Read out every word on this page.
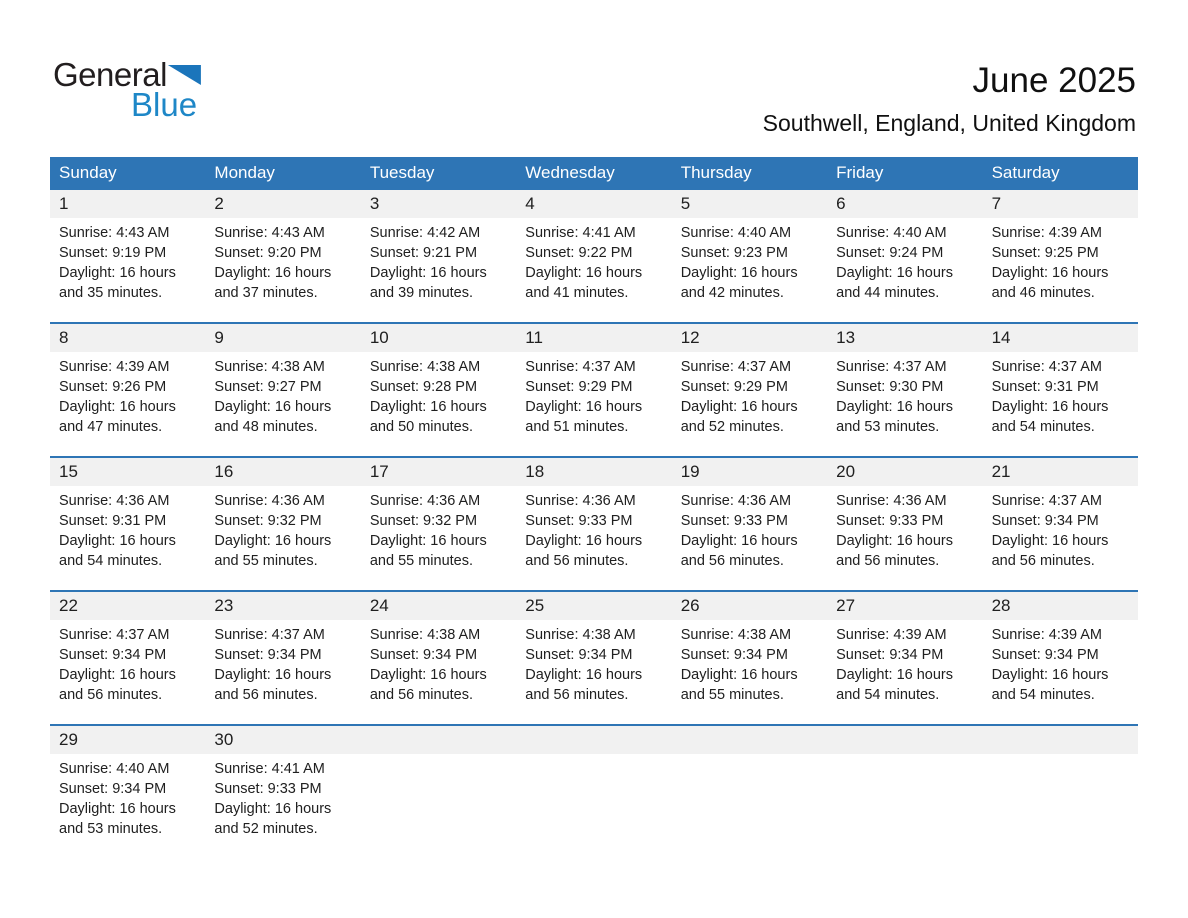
General
Blue
June 2025
Southwell, England, United Kingdom
Sunday	Monday	Tuesday	Wednesday	Thursday	Friday	Saturday
1	2	3	4	5	6	7
Sunrise: 4:43 AM
Sunset: 9:19 PM
Daylight: 16 hours
and 35 minutes.
Sunrise: 4:43 AM
Sunset: 9:20 PM
Daylight: 16 hours
and 37 minutes.
Sunrise: 4:42 AM
Sunset: 9:21 PM
Daylight: 16 hours
and 39 minutes.
Sunrise: 4:41 AM
Sunset: 9:22 PM
Daylight: 16 hours
and 41 minutes.
Sunrise: 4:40 AM
Sunset: 9:23 PM
Daylight: 16 hours
and 42 minutes.
Sunrise: 4:40 AM
Sunset: 9:24 PM
Daylight: 16 hours
and 44 minutes.
Sunrise: 4:39 AM
Sunset: 9:25 PM
Daylight: 16 hours
and 46 minutes.
8	9	10	11	12	13	14
Sunrise: 4:39 AM
Sunset: 9:26 PM
Daylight: 16 hours
and 47 minutes.
Sunrise: 4:38 AM
Sunset: 9:27 PM
Daylight: 16 hours
and 48 minutes.
Sunrise: 4:38 AM
Sunset: 9:28 PM
Daylight: 16 hours
and 50 minutes.
Sunrise: 4:37 AM
Sunset: 9:29 PM
Daylight: 16 hours
and 51 minutes.
Sunrise: 4:37 AM
Sunset: 9:29 PM
Daylight: 16 hours
and 52 minutes.
Sunrise: 4:37 AM
Sunset: 9:30 PM
Daylight: 16 hours
and 53 minutes.
Sunrise: 4:37 AM
Sunset: 9:31 PM
Daylight: 16 hours
and 54 minutes.
15	16	17	18	19	20	21
Sunrise: 4:36 AM
Sunset: 9:31 PM
Daylight: 16 hours
and 54 minutes.
Sunrise: 4:36 AM
Sunset: 9:32 PM
Daylight: 16 hours
and 55 minutes.
Sunrise: 4:36 AM
Sunset: 9:32 PM
Daylight: 16 hours
and 55 minutes.
Sunrise: 4:36 AM
Sunset: 9:33 PM
Daylight: 16 hours
and 56 minutes.
Sunrise: 4:36 AM
Sunset: 9:33 PM
Daylight: 16 hours
and 56 minutes.
Sunrise: 4:36 AM
Sunset: 9:33 PM
Daylight: 16 hours
and 56 minutes.
Sunrise: 4:37 AM
Sunset: 9:34 PM
Daylight: 16 hours
and 56 minutes.
22	23	24	25	26	27	28
Sunrise: 4:37 AM
Sunset: 9:34 PM
Daylight: 16 hours
and 56 minutes.
Sunrise: 4:37 AM
Sunset: 9:34 PM
Daylight: 16 hours
and 56 minutes.
Sunrise: 4:38 AM
Sunset: 9:34 PM
Daylight: 16 hours
and 56 minutes.
Sunrise: 4:38 AM
Sunset: 9:34 PM
Daylight: 16 hours
and 56 minutes.
Sunrise: 4:38 AM
Sunset: 9:34 PM
Daylight: 16 hours
and 55 minutes.
Sunrise: 4:39 AM
Sunset: 9:34 PM
Daylight: 16 hours
and 54 minutes.
Sunrise: 4:39 AM
Sunset: 9:34 PM
Daylight: 16 hours
and 54 minutes.
29	30
Sunrise: 4:40 AM
Sunset: 9:34 PM
Daylight: 16 hours
and 53 minutes.
Sunrise: 4:41 AM
Sunset: 9:33 PM
Daylight: 16 hours
and 52 minutes.
